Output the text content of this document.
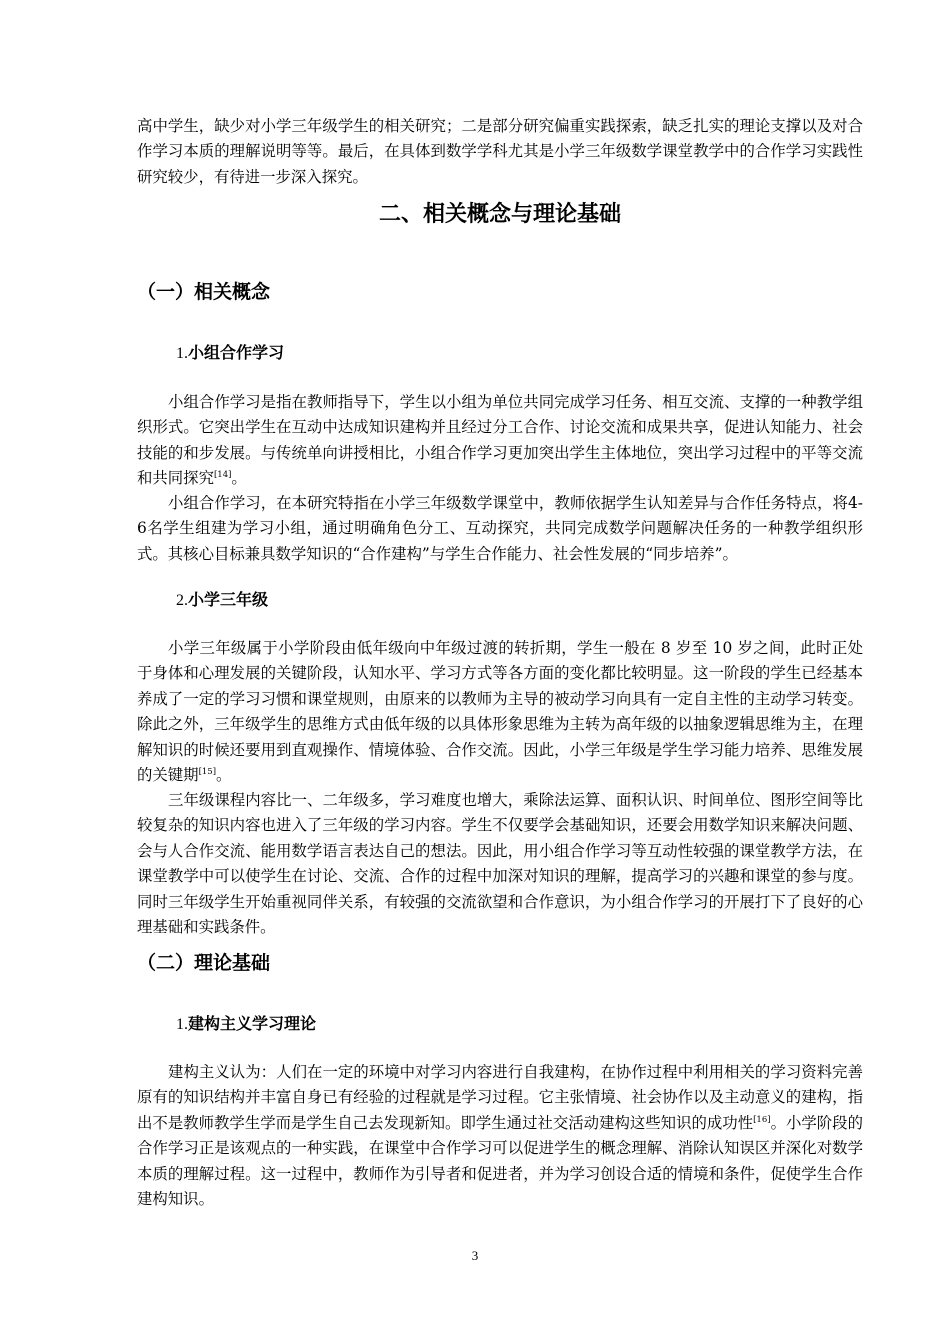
高中学生，缺少对小学三年级学生的相关研究；二是部分研究偏重实践探索，缺乏扎实的理论支撑以及对合作学习本质的理解说明等等。最后，在具体到数学学科尤其是小学三年级数学课堂教学中的合作学习实践性研究较少，有待进一步深入探究。

二、相关概念与理论基础
（一）相关概念
1.小组合作学习

小组合作学习是指在教师指导下，学生以小组为单位共同完成学习任务、相互交流、支撑的一种教学组织形式。它突出学生在互动中达成知识建构并且经过分工合作、讨论交流和成果共享，促进认知能力、社会技能的和步发展。与传统单向讲授相比，小组合作学习更加突出学生主体地位，突出学习过程中的平等交流和共同探究[14]。

小组合作学习，在本研究特指在小学三年级数学课堂中，教师依据学生认知差异与合作任务特点，将4-6名学生组建为学习小组，通过明确角色分工、互动探究，共同完成数学问题解决任务的一种教学组织形式。其核心目标兼具数学知识的“合作建构”与学生合作能力、社会性发展的“同步培养”。

2.小学三年级

小学三年级属于小学阶段由低年级向中年级过渡的转折期，学生一般在 8 岁至 10 岁之间，此时正处于身体和心理发展的关键阶段，认知水平、学习方式等各方面的变化都比较明显。这一阶段的学生已经基本养成了一定的学习习惯和课堂规则，由原来的以教师为主导的被动学习向具有一定自主性的主动学习转变。除此之外，三年级学生的思维方式由低年级的以具体形象思维为主转为高年级的以抽象逻辑思维为主，在理解知识的时候还要用到直观操作、情境体验、合作交流。因此，小学三年级是学生学习能力培养、思维发展的关键期[15]。

三年级课程内容比一、二年级多，学习难度也增大，乘除法运算、面积认识、时间单位、图形空间等比较复杂的知识内容也进入了三年级的学习内容。学生不仅要学会基础知识，还要会用数学知识来解决问题、会与人合作交流、能用数学语言表达自己的想法。因此，用小组合作学习等互动性较强的课堂教学方法，在课堂教学中可以使学生在讨论、交流、合作的过程中加深对知识的理解，提高学习的兴趣和课堂的参与度。同时三年级学生开始重视同伴关系，有较强的交流欲望和合作意识，为小组合作学习的开展打下了良好的心理基础和实践条件。

（二）理论基础
1.建构主义学习理论

建构主义认为：人们在一定的环境中对学习内容进行自我建构，在协作过程中利用相关的学习资料完善原有的知识结构并丰富自身已有经验的过程就是学习过程。它主张情境、社会协作以及主动意义的建构，指出不是教师教学生学而是学生自己去发现新知。即学生通过社交活动建构这些知识的成功性[16]。小学阶段的合作学习正是该观点的一种实践，在课堂中合作学习可以促进学生的概念理解、消除认知误区并深化对数学本质的理解过程。这一过程中，教师作为引导者和促进者，并为学习创设合适的情境和条件，促使学生合作建构知识。

3
